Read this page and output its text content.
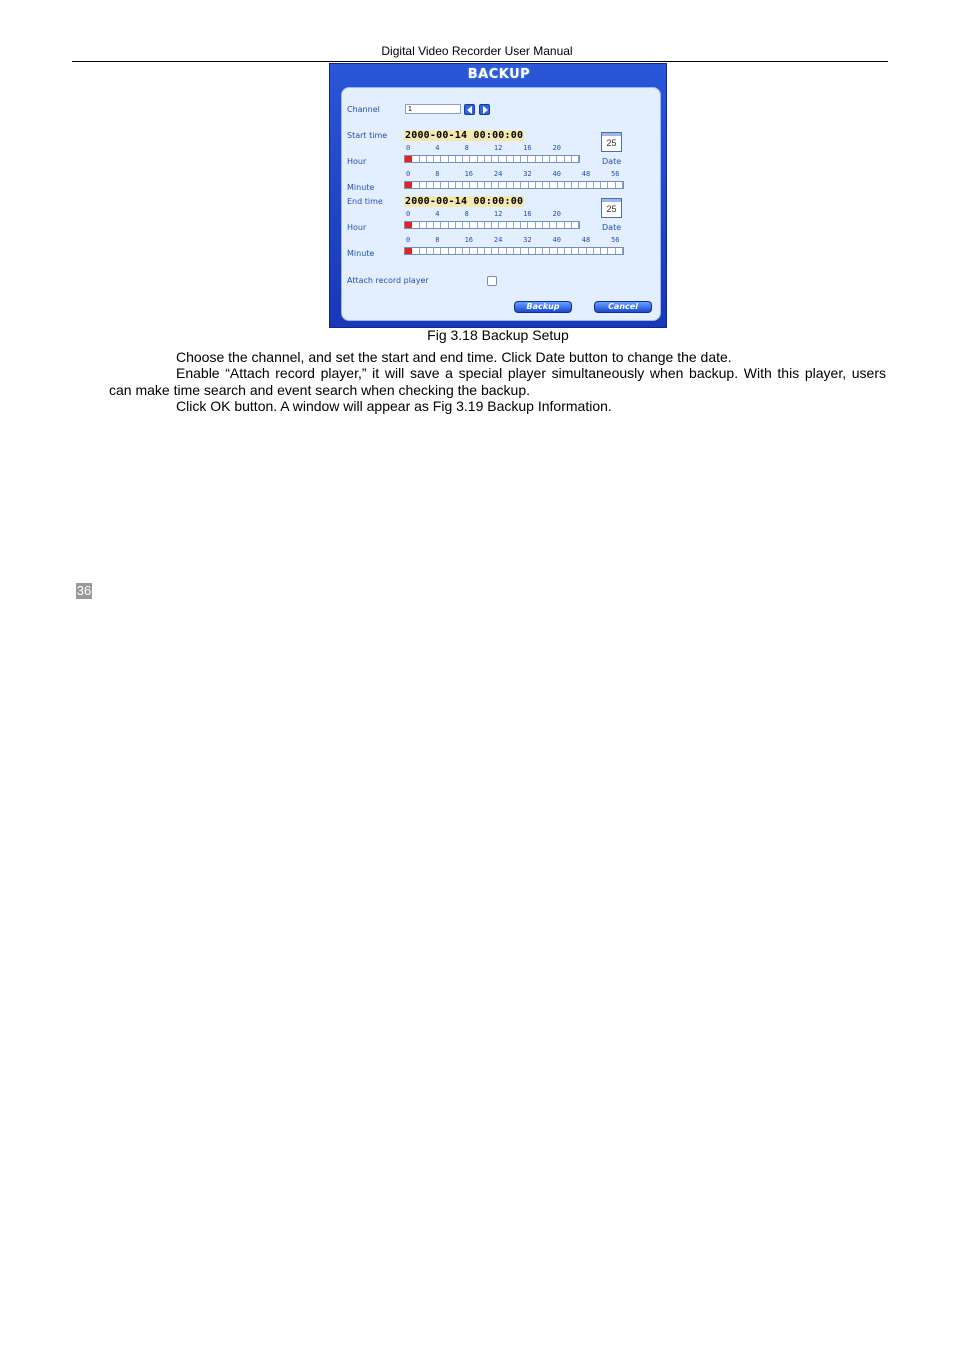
Digital Video Recorder User Manual
BACKUP
Channel	1
Start time 2000-00-14 00:00:00
25
Date
0	4	8	12	16	20
Hour
0	8	16	24	32	40	48	56
Minute
End time 2000-00-14 00:00:00
25
Date
0	4	8	12	16	20
Hour
0	8	16	24	32	40	48	56
Minute
Attach record player
Backup	Cancel
Fig 3.18 Backup Setup
Choose the channel, and set the start and end time. Click Date button to change the date.
Enable “Attach record player,” it will save a special player simultaneously when backup. With this player, users
can make time search and event search when checking the backup.
Click OK button. A window will appear as Fig 3.19 Backup Information.
36
